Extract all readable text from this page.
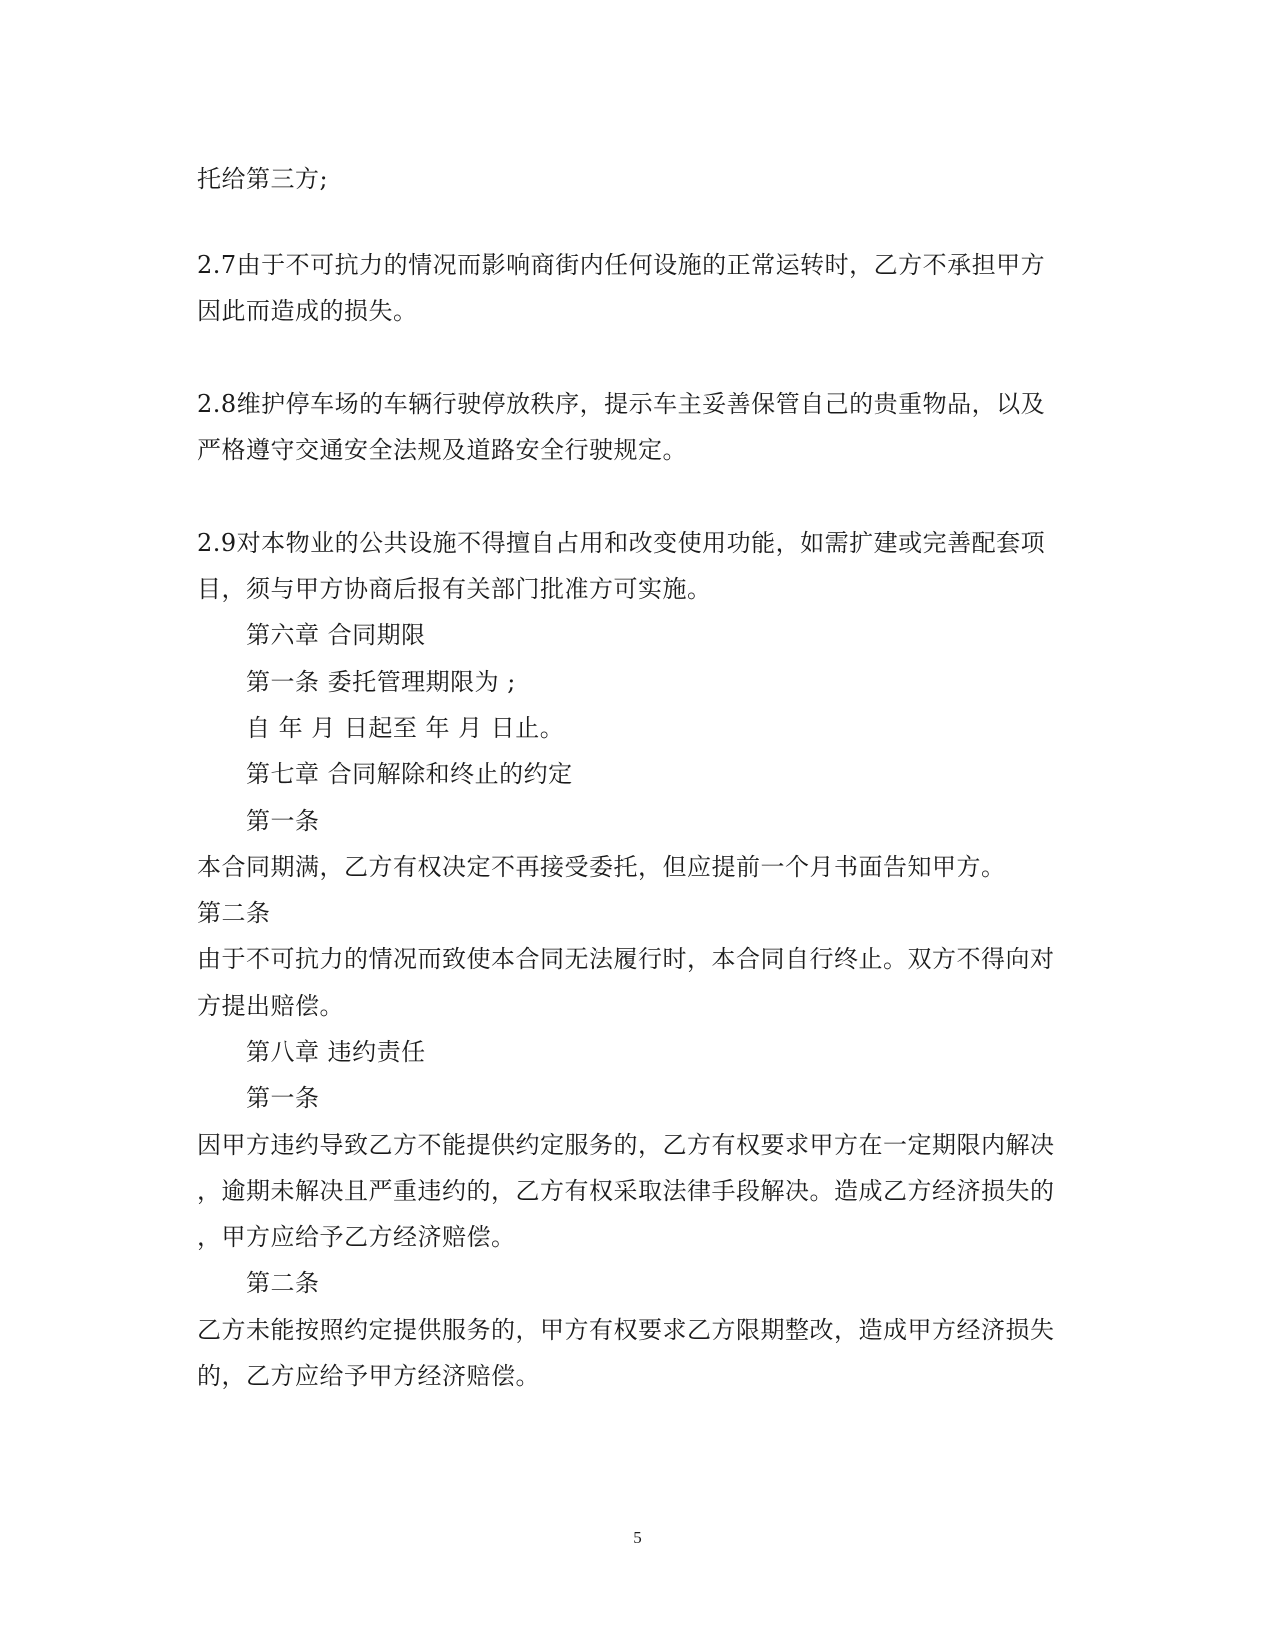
托给第三方;
2.7由于不可抗力的情况而影响商街内任何设施的正常运转时，乙方不承担甲方
因此而造成的损失。
2.8维护停车场的车辆行驶停放秩序，提示车主妥善保管自己的贵重物品，以及
严格遵守交通安全法规及道路安全行驶规定。
2.9对本物业的公共设施不得擅自占用和改变使用功能，如需扩建或完善配套项
目，须与甲方协商后报有关部门批准方可实施。
第六章 合同期限
第一条 委托管理期限为 ;
自 年 月 日起至 年 月 日止。
第七章 合同解除和终止的约定
第一条
本合同期满，乙方有权决定不再接受委托，但应提前一个月书面告知甲方。
第二条
由于不可抗力的情况而致使本合同无法履行时，本合同自行终止。双方不得向对
方提出赔偿。
第八章 违约责任
第一条
因甲方违约导致乙方不能提供约定服务的，乙方有权要求甲方在一定期限内解决
，逾期未解决且严重违约的，乙方有权采取法律手段解决。造成乙方经济损失的
，甲方应给予乙方经济赔偿。
第二条
乙方未能按照约定提供服务的，甲方有权要求乙方限期整改，造成甲方经济损失
的，乙方应给予甲方经济赔偿。
5
